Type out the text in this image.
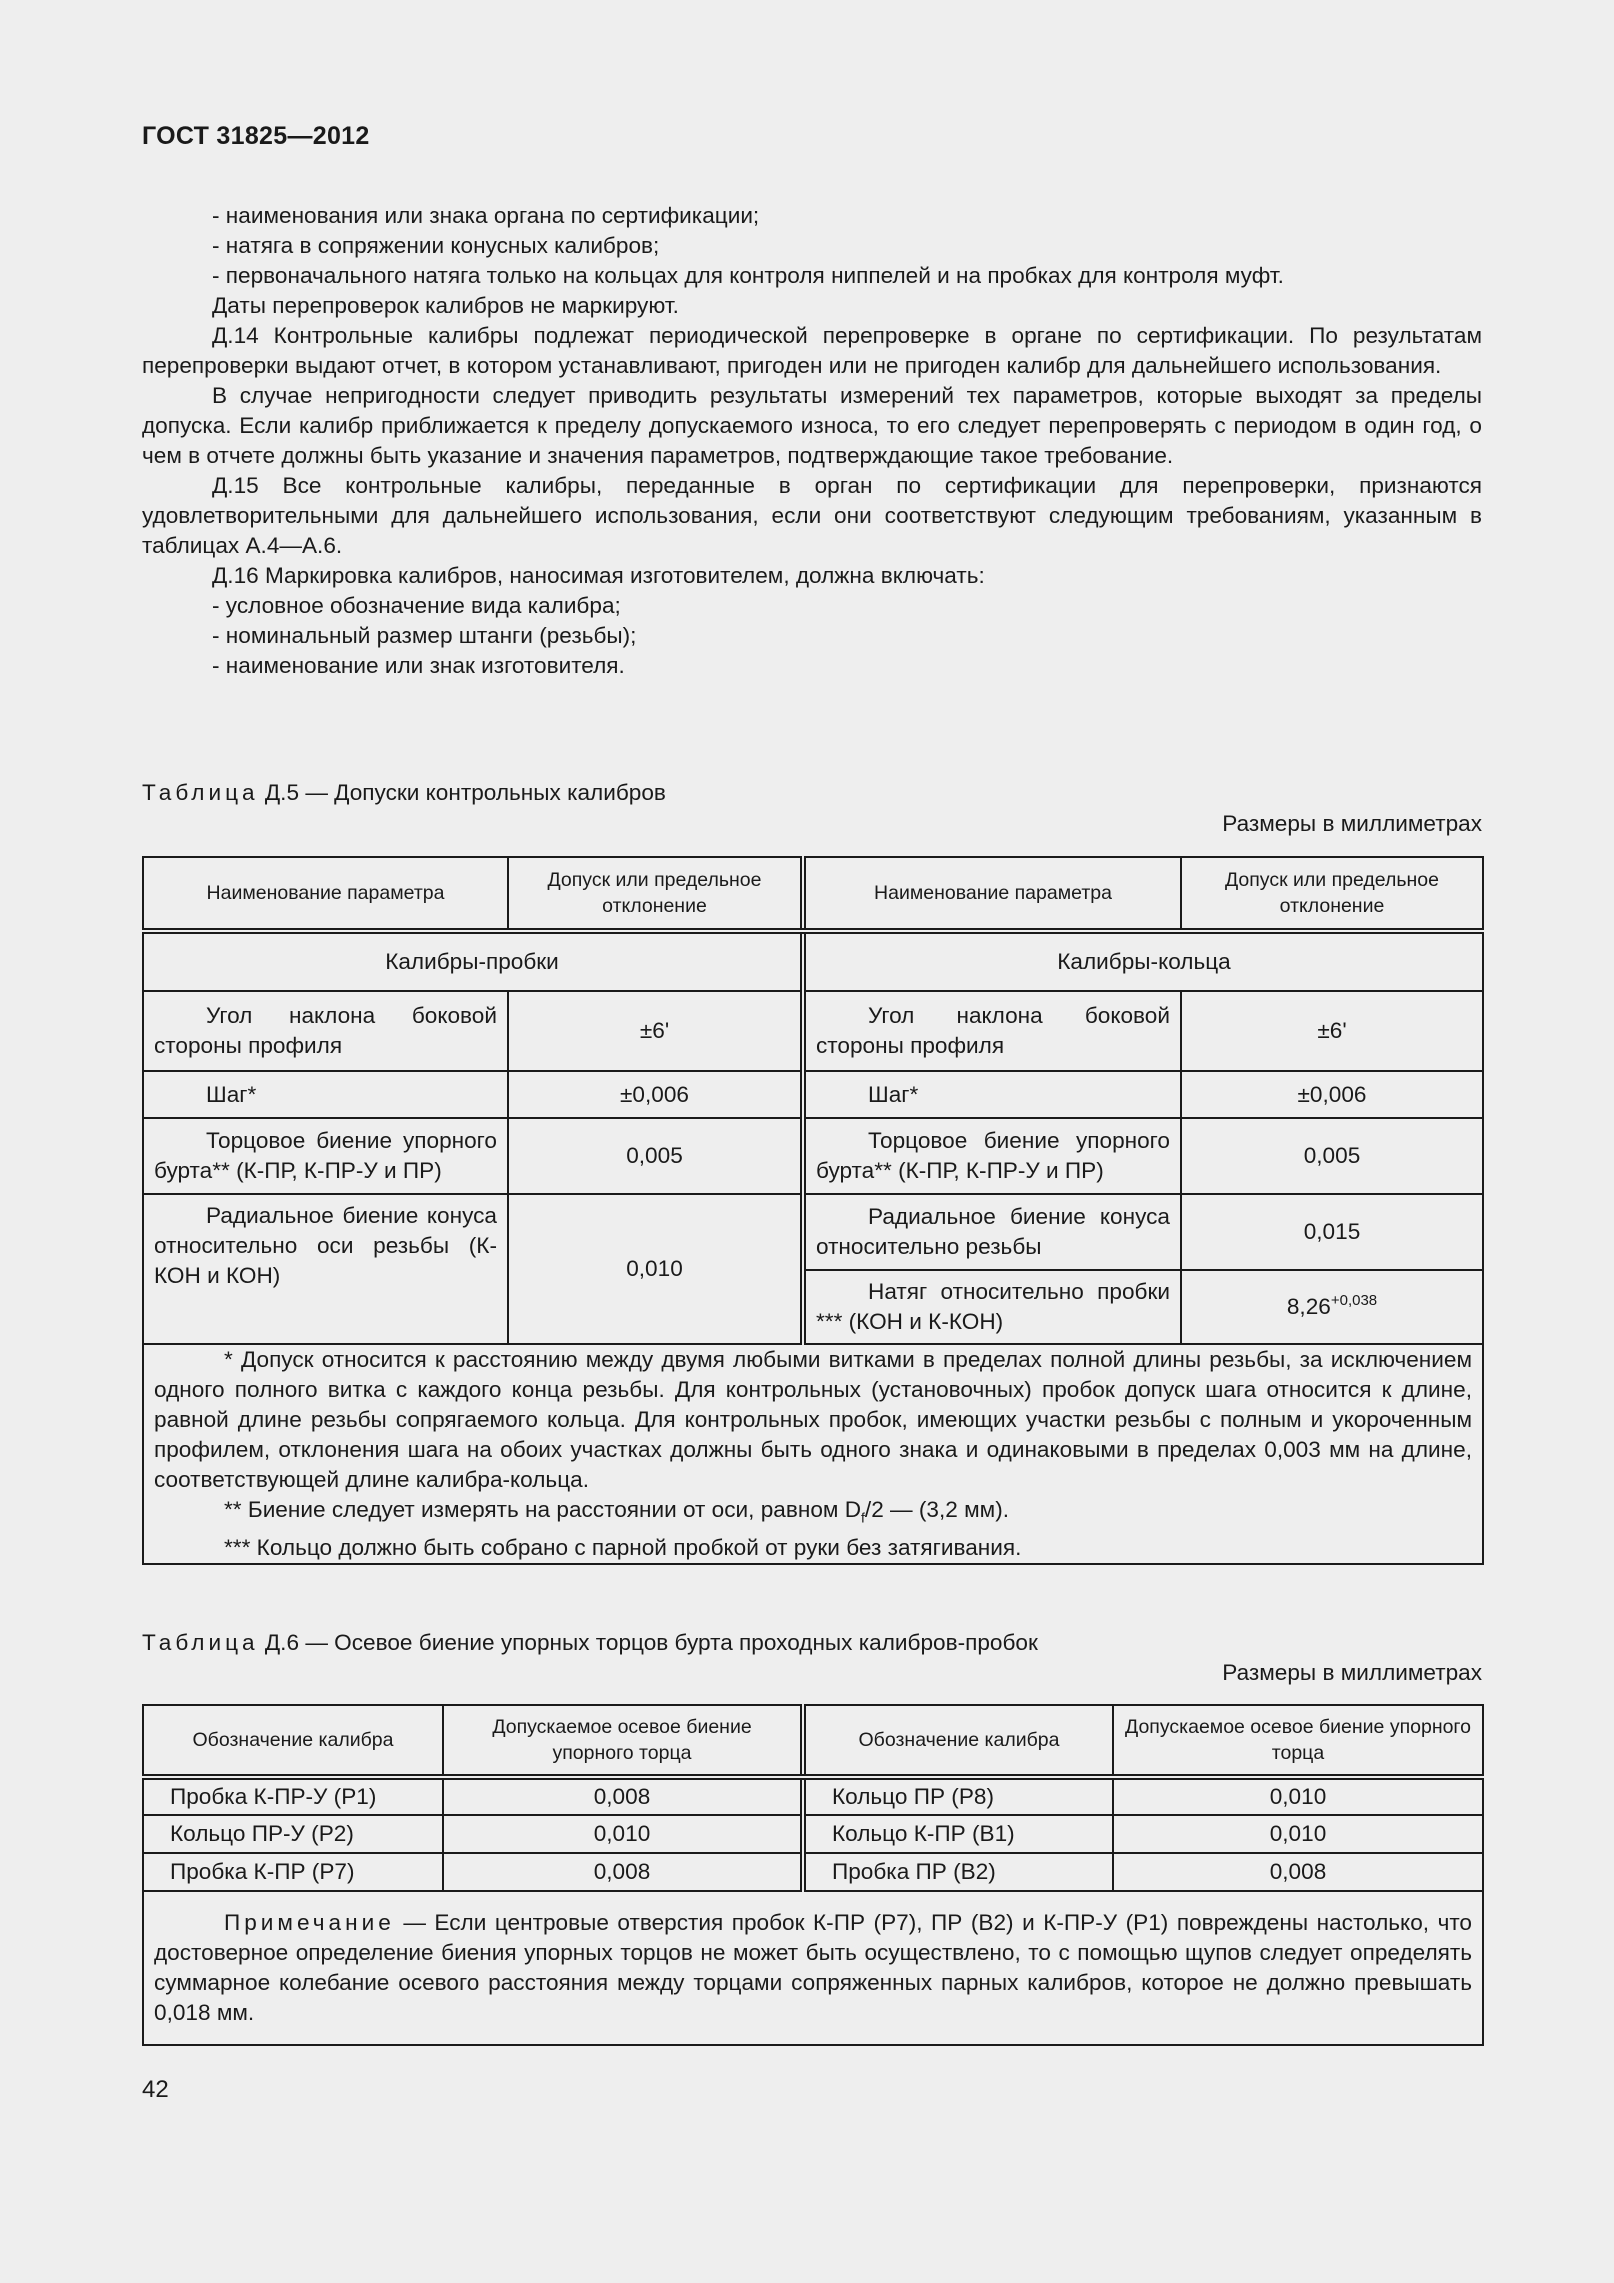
ГОСТ 31825—2012

- наименования или знака органа по сертификации;

- натяга в сопряжении конусных калибров;

- первоначального натяга только на кольцах для контроля ниппелей и на пробках для контроля муфт.

Даты перепроверок калибров не маркируют.

Д.14 Контрольные калибры подлежат периодической перепроверке в органе по сертификации. По результатам перепроверки выдают отчет, в котором устанавливают, пригоден или не пригоден калибр для дальнейшего использования.

В случае непригодности следует приводить результаты измерений тех параметров, которые выходят за пределы допуска. Если калибр приближается к пределу допускаемого износа, то его следует перепроверять с периодом в один год, о чем в отчете должны быть указание и значения параметров, подтверждающие такое требование.

Д.15 Все контрольные калибры, переданные в орган по сертификации для перепроверки, признаются удовлетворительными для дальнейшего использования, если они соответствуют следующим требованиям, указанным в таблицах А.4—А.6.

Д.16 Маркировка калибров, наносимая изготовителем, должна включать:

- условное обозначение вида калибра;

- номинальный размер штанги (резьбы);

- наименование или знак изготовителя.

Таблица Д.5 — Допуски контрольных калибров
Размеры в миллиметрах
Наименование параметра	Допуск или предельное отклонение	Наименование параметра	Допуск или предельное отклонение
Калибры-пробки		Калибры-кольца	
Угол наклона боковой стороны профиля	±6'	Угол наклона боковой стороны профиля	±6'
Шаг*	±0,006	Шаг*	±0,006
Торцовое биение упорного бурта** (К-ПР, К-ПР-У и ПР)	0,005	Торцовое биение упорного бурта** (К-ПР, К-ПР-У и ПР)	0,005
Радиальное биение конуса относительно оси резьбы (К-КОН и КОН)	0,010	Радиальное биение конуса относительно резьбы	0,015
		Натяг относительно пробки *** (КОН и К-КОН)	$8,26^{+0,038}$

* Допуск относится к расстоянию между двумя любыми витками в пределах полной длины резьбы, за исключением одного полного витка с каждого конца резьбы. Для контрольных (установочных) пробок допуск шага относится к длине, равной длине резьбы сопрягаемого кольца. Для контрольных пробок, имеющих участки резьбы с полным и укороченным профилем, отклонения шага на обоих участках должны быть одного знака и одинаковыми в пределах 0,003 мм на длине, соответствующей длине калибра-кольца.

** Биение следует измерять на расстоянии от оси, равном $D_f/2$ — (3,2 мм).

*** Кольцо должно быть собрано с парной пробкой от руки без затягивания.			

Таблица Д.6 — Осевое биение упорных торцов бурта проходных калибров-пробок
Размеры в миллиметрах
Обозначение калибра	Допускаемое осевое биение упорного торца	Обозначение калибра	Допускаемое осевое биение упорного торца
Пробка К-ПР-У (Р1)	0,008	Кольцо ПР (Р8)	0,010
Кольцо ПР-У (Р2)	0,010	Кольцо К-ПР (В1)	0,010
Пробка К-ПР (Р7)	0,008	Пробка ПР (В2)	0,008

Примечание — Если центровые отверстия пробок К-ПР (Р7), ПР (В2) и К-ПР-У (Р1) повреждены настолько, что достоверное определение биения упорных торцов не может быть осуществлено, то с помощью щупов следует определять суммарное колебание осевого расстояния между торцами сопряженных парных калибров, которое не должно превышать 0,018 мм.			

42
